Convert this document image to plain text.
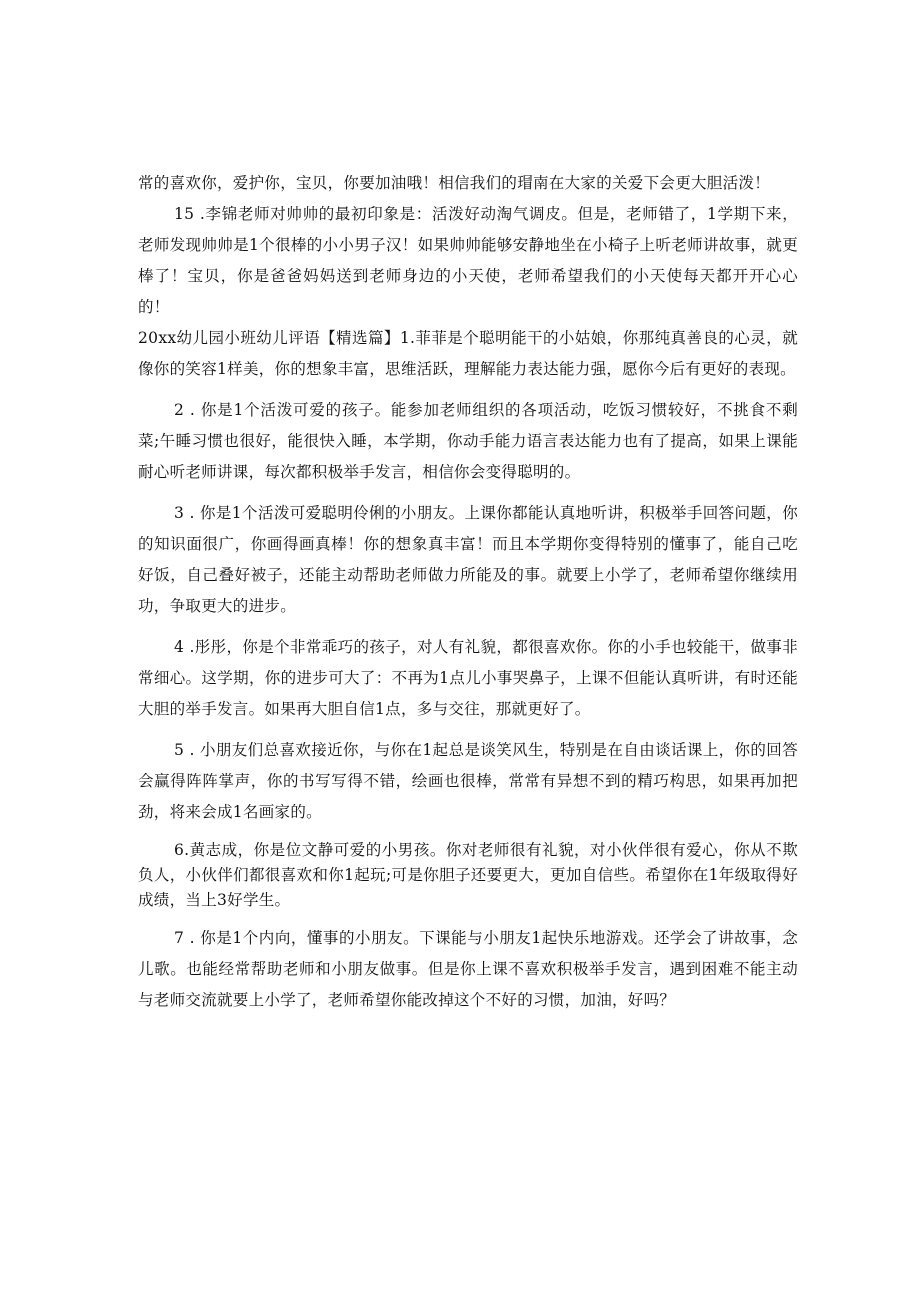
常的喜欢你，爱护你，宝贝，你要加油哦！相信我们的瑁南在大家的关爱下会更大胆活泼！

15 .李锦老师对帅帅的最初印象是：活泼好动淘气调皮。但是，老师错了，1学期下来，老师发现帅帅是1个很棒的小小男子汉！如果帅帅能够安静地坐在小椅子上听老师讲故事，就更棒了！宝贝，你是爸爸妈妈送到老师身边的小天使，老师希望我们的小天使每天都开开心心的！

20xx幼儿园小班幼儿评语【精选篇】1.菲菲是个聪明能干的小姑娘，你那纯真善良的心灵，就像你的笑容1样美，你的想象丰富，思维活跃，理解能力表达能力强，愿你今后有更好的表现。

2 . 你是1个活泼可爱的孩子。能参加老师组织的各项活动，吃饭习惯较好，不挑食不剩菜;午睡习惯也很好，能很快入睡，本学期，你动手能力语言表达能力也有了提高，如果上课能耐心听老师讲课，每次都积极举手发言，相信你会变得聪明的。

3 . 你是1个活泼可爱聪明伶俐的小朋友。上课你都能认真地听讲，积极举手回答问题，你的知识面很广，你画得画真棒！你的想象真丰富！而且本学期你变得特别的懂事了，能自己吃好饭，自己叠好被子，还能主动帮助老师做力所能及的事。就要上小学了，老师希望你继续用功，争取更大的进步。

4 .彤彤，你是个非常乖巧的孩子，对人有礼貌，都很喜欢你。你的小手也较能干，做事非常细心。这学期，你的进步可大了：不再为1点儿小事哭鼻子，上课不但能认真听讲，有时还能大胆的举手发言。如果再大胆自信1点，多与交往，那就更好了。

5 . 小朋友们总喜欢接近你，与你在1起总是谈笑风生，特别是在自由谈话课上，你的回答会赢得阵阵掌声，你的书写写得不错，绘画也很棒，常常有异想不到的精巧构思，如果再加把劲，将来会成1名画家的。

6.黄志成，你是位文静可爱的小男孩。你对老师很有礼貌，对小伙伴很有爱心，你从不欺负人，小伙伴们都很喜欢和你1起玩;可是你胆子还要更大，更加自信些。希望你在1年级取得好成绩，当上3好学生。

7 . 你是1个内向，懂事的小朋友。下课能与小朋友1起快乐地游戏。还学会了讲故事，念儿歌。也能经常帮助老师和小朋友做事。但是你上课不喜欢积极举手发言，遇到困难不能主动与老师交流就要上小学了，老师希望你能改掉这个不好的习惯，加油，好吗？
